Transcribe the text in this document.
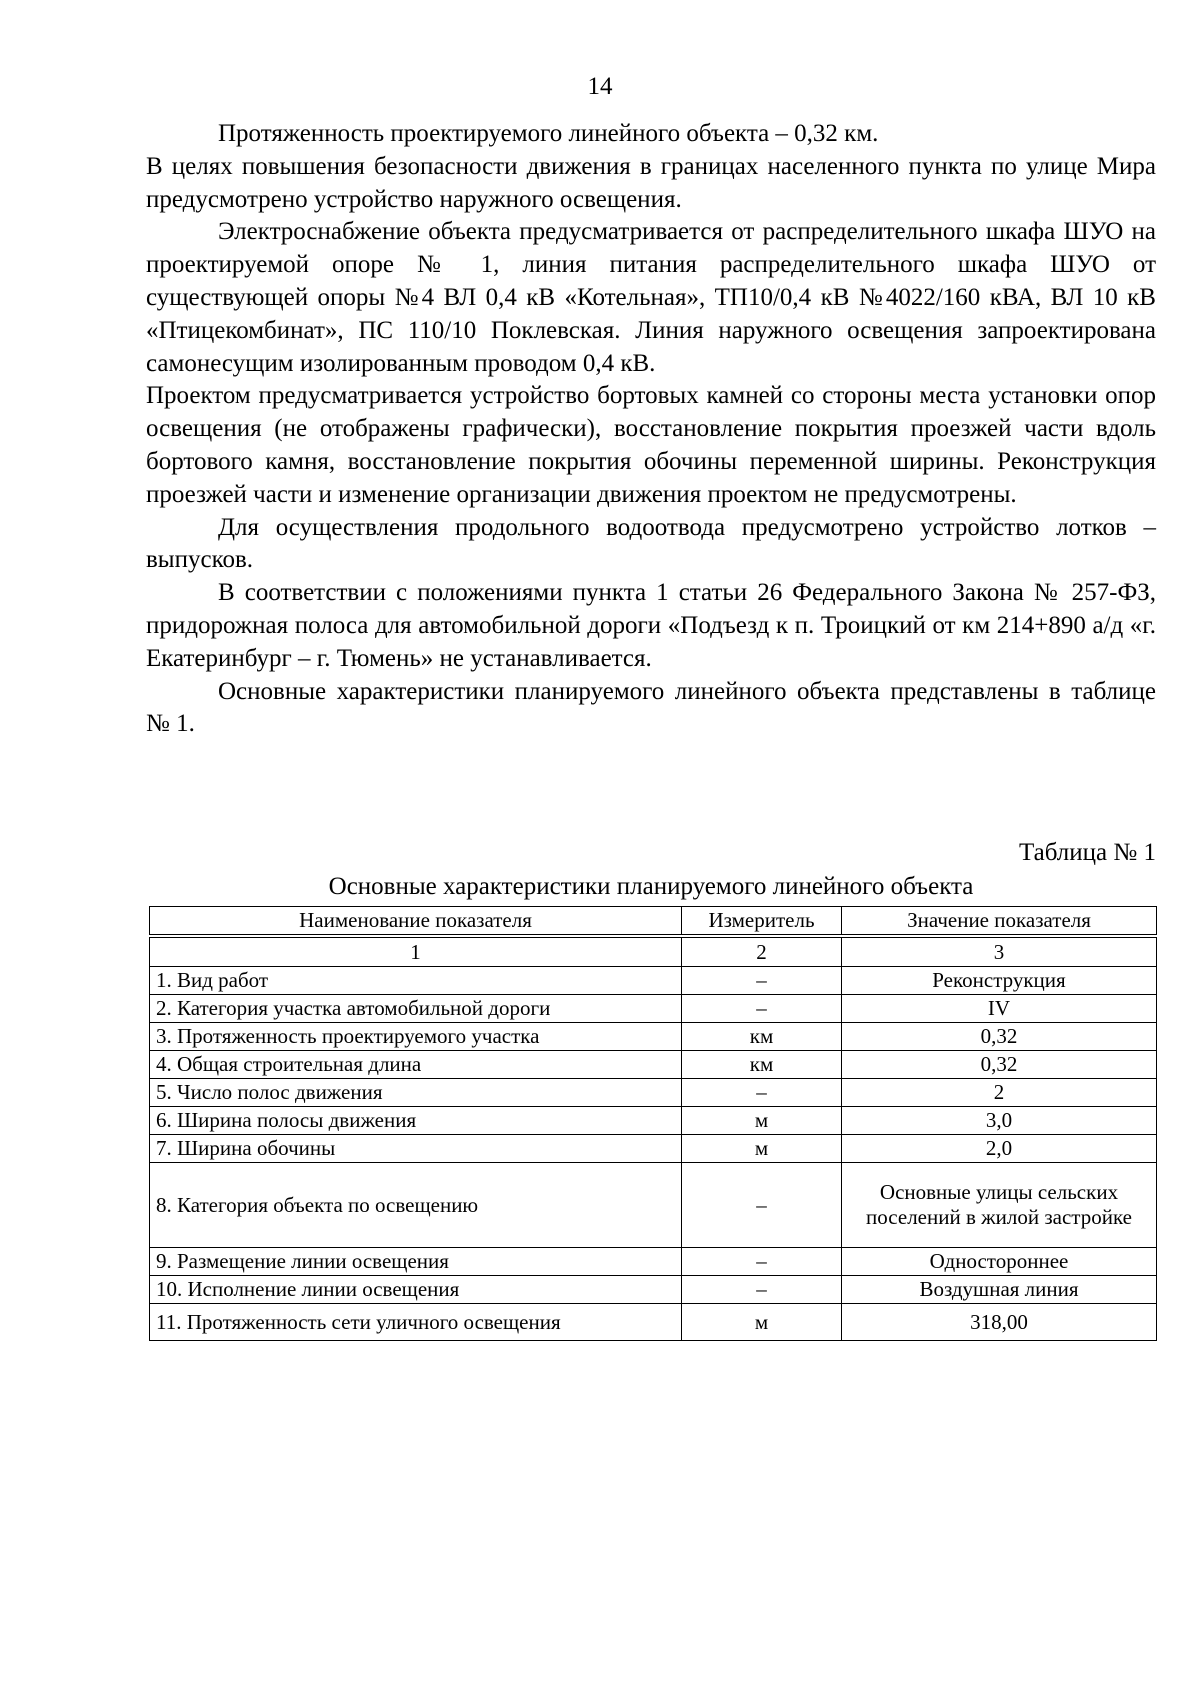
14

Протяженность проектируемого линейного объекта – 0,32 км.

В целях повышения безопасности движения в границах населенного пункта по улице Мира предусмотрено устройство наружного освещения.

Электроснабжение объекта предусматривается от распределительного шкафа ШУО на проектируемой опоре № 1, линия питания распределительного шкафа ШУО от существующей опоры №4 ВЛ 0,4 кВ «Котельная», ТП10/0,4 кВ №4022/160 кВА, ВЛ 10 кВ «Птицекомбинат», ПС 110/10 Поклевская. Линия наружного освещения запроектирована самонесущим изолированным проводом 0,4 кВ.

Проектом предусматривается устройство бортовых камней со стороны места установки опор освещения (не отображены графически), восстановление покрытия проезжей части вдоль бортового камня, восстановление покрытия обочины переменной ширины. Реконструкция проезжей части и изменение организации движения проектом не предусмотрены.

Для осуществления продольного водоотвода предусмотрено устройство лотков – выпусков.

В соответствии с положениями пункта 1 статьи 26 Федерального Закона № 257-ФЗ, придорожная полоса для автомобильной дороги «Подъезд к п. Троицкий от км 214+890 а/д «г. Екатеринбург – г. Тюмень» не устанавливается.

Основные характеристики планируемого линейного объекта представлены в таблице № 1.

Таблица № 1
Основные характеристики планируемого линейного объекта
Наименование показателя	Измеритель	Значение показателя

1	2	3
1. Вид работ	–	Реконструкция
2. Категория участка автомобильной дороги	–	IV
3. Протяженность проектируемого участка	км	0,32
4. Общая строительная длина	км	0,32
5. Число полос движения	–	2
6. Ширина полосы движения	м	3,0
7. Ширина обочины	м	2,0
8. Категория объекта по освещению	–	Основные улицы сельских поселений в жилой застройке
9. Размещение линии освещения	–	Одностороннее
10. Исполнение линии освещения	–	Воздушная линия
11. Протяженность сети уличного освещения	м	318,00
